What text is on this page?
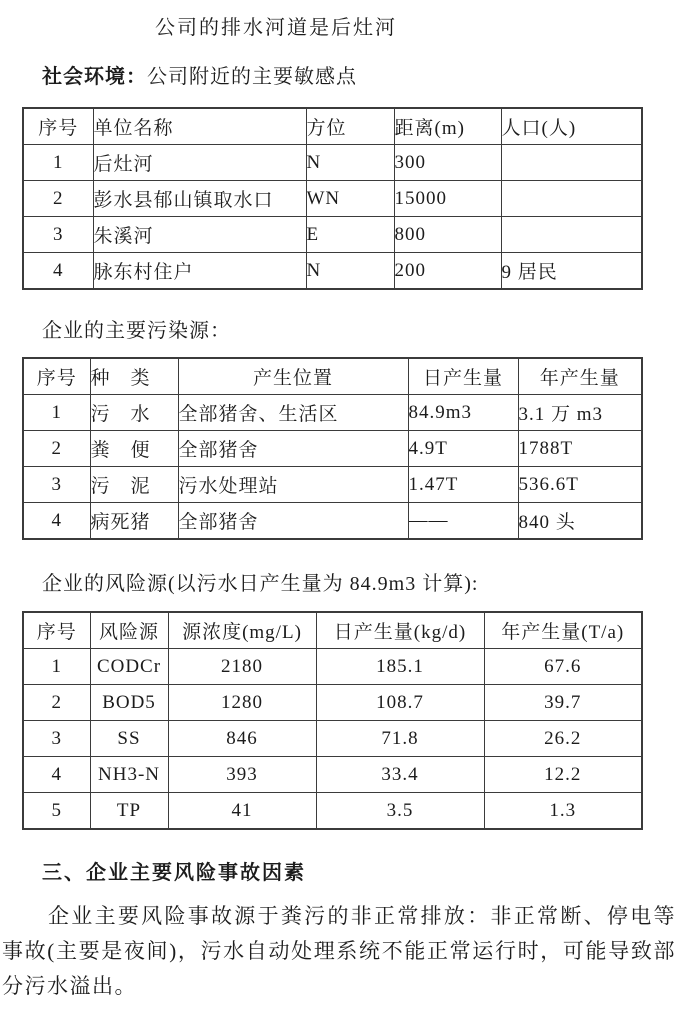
公司的排水河道是后灶河
社会环境：公司附近的主要敏感点
序号	单位名称	方位	距离(m)	人口(人)
1	后灶河	N	300	
2	彭水县郁山镇取水口	WN	15000	
3	朱溪河	E	800	
4	脉东村住户	N	200	9 居民
企业的主要污染源：
序号	种　类	产生位置	日产生量	年产生量
1	污　水	全部猪舍、生活区	84.9m3	3.1 万 m3
2	粪　便	全部猪舍	4.9T	1788T
3	污　泥	污水处理站	1.47T	536.6T
4	病死猪	全部猪舍	——	840 头
企业的风险源(以污水日产生量为 84.9m3 计算):
序号	风险源	源浓度(mg/L)	日产生量(kg/d)	年产生量(T/a)
1	CODCr	2180	185.1	67.6
2	BOD5	1280	108.7	39.7
3	SS	846	71.8	26.2
4	NH3-N	393	33.4	12.2
5	TP	41	3.5	1.3
三、企业主要风险事故因素
企业主要风险事故源于粪污的非正常排放：非正常断、停电等事故(主要是夜间)，污水自动处理系统不能正常运行时，可能导致部分污水溢出。
